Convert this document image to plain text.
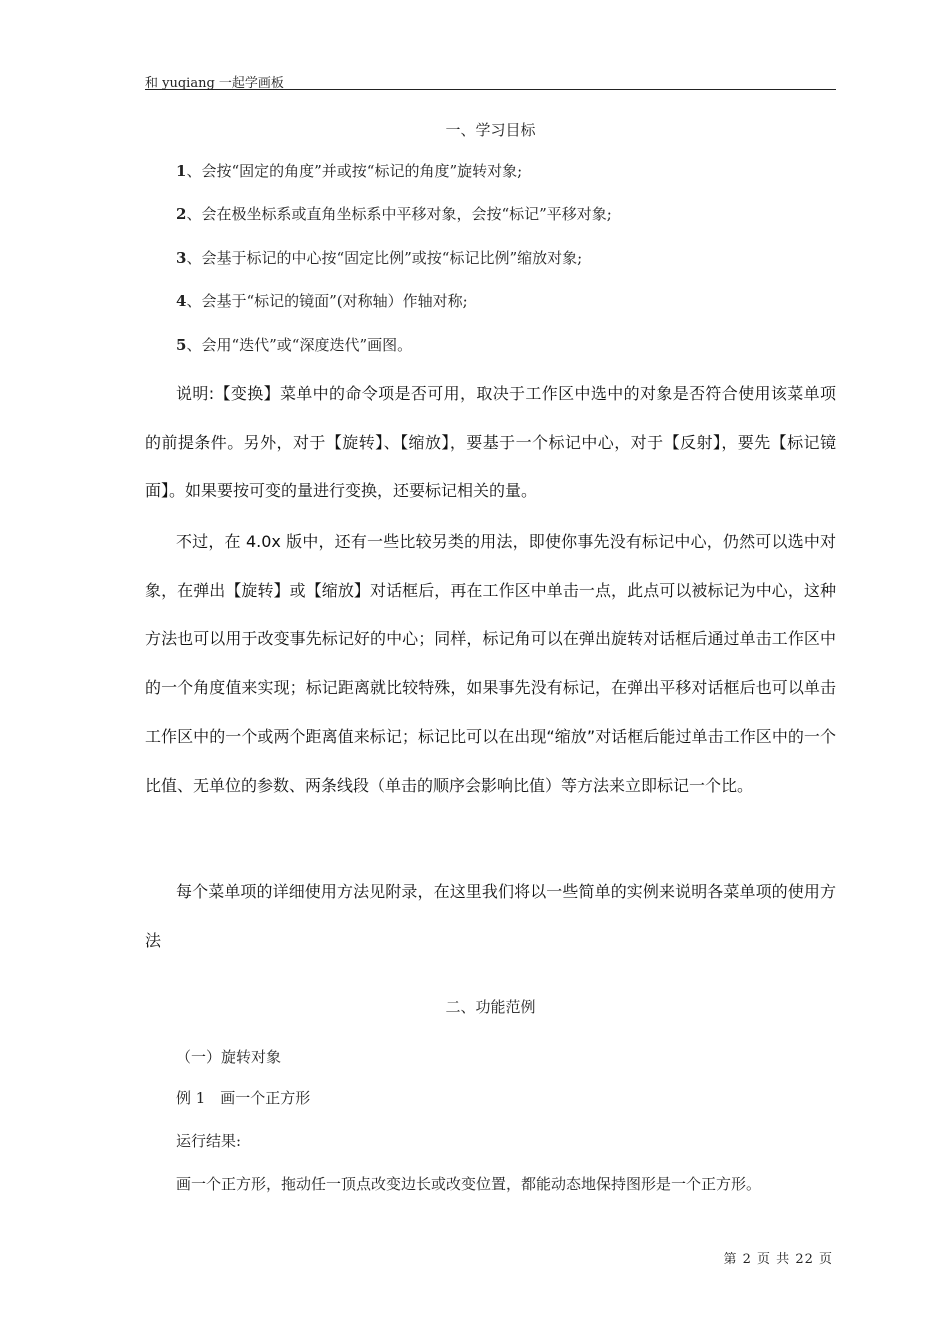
和 yuqiang 一起学画板
一、学习目标
1、会按“固定的角度”并或按“标记的角度”旋转对象;
2、会在极坐标系或直角坐标系中平移对象，会按“标记”平移对象;
3、会基于标记的中心按“固定比例”或按“标记比例”缩放对象;
4、会基于“标记的镜面”(对称轴）作轴对称;
5、会用“迭代”或“深度迭代”画图。

说明:【变换】菜单中的命令项是否可用，取决于工作区中选中的对象是否符合使用该菜单项的前提条件。另外，对于【旋转】、【缩放】，要基于一个标记中心，对于【反射】，要先【标记镜面】。如果要按可变的量进行变换，还要标记相关的量。

不过，在 4.0x 版中，还有一些比较另类的用法，即使你事先没有标记中心，仍然可以选中对象，在弹出【旋转】或【缩放】对话框后，再在工作区中单击一点，此点可以被标记为中心，这种方法也可以用于改变事先标记好的中心；同样，标记角可以在弹出旋转对话框后通过单击工作区中的一个角度值来实现；标记距离就比较特殊，如果事先没有标记，在弹出平移对话框后也可以单击工作区中的一个或两个距离值来标记；标记比可以在出现“缩放”对话框后能过单击工作区中的一个比值、无单位的参数、两条线段（单击的顺序会影响比值）等方法来立即标记一个比。

每个菜单项的详细使用方法见附录，在这里我们将以一些简单的实例来说明各菜单项的使用方法

二、功能范例
（一）旋转对象
例 1　画一个正方形
运行结果:
画一个正方形，拖动任一顶点改变边长或改变位置，都能动态地保持图形是一个正方形。
第 2 页 共 22 页
